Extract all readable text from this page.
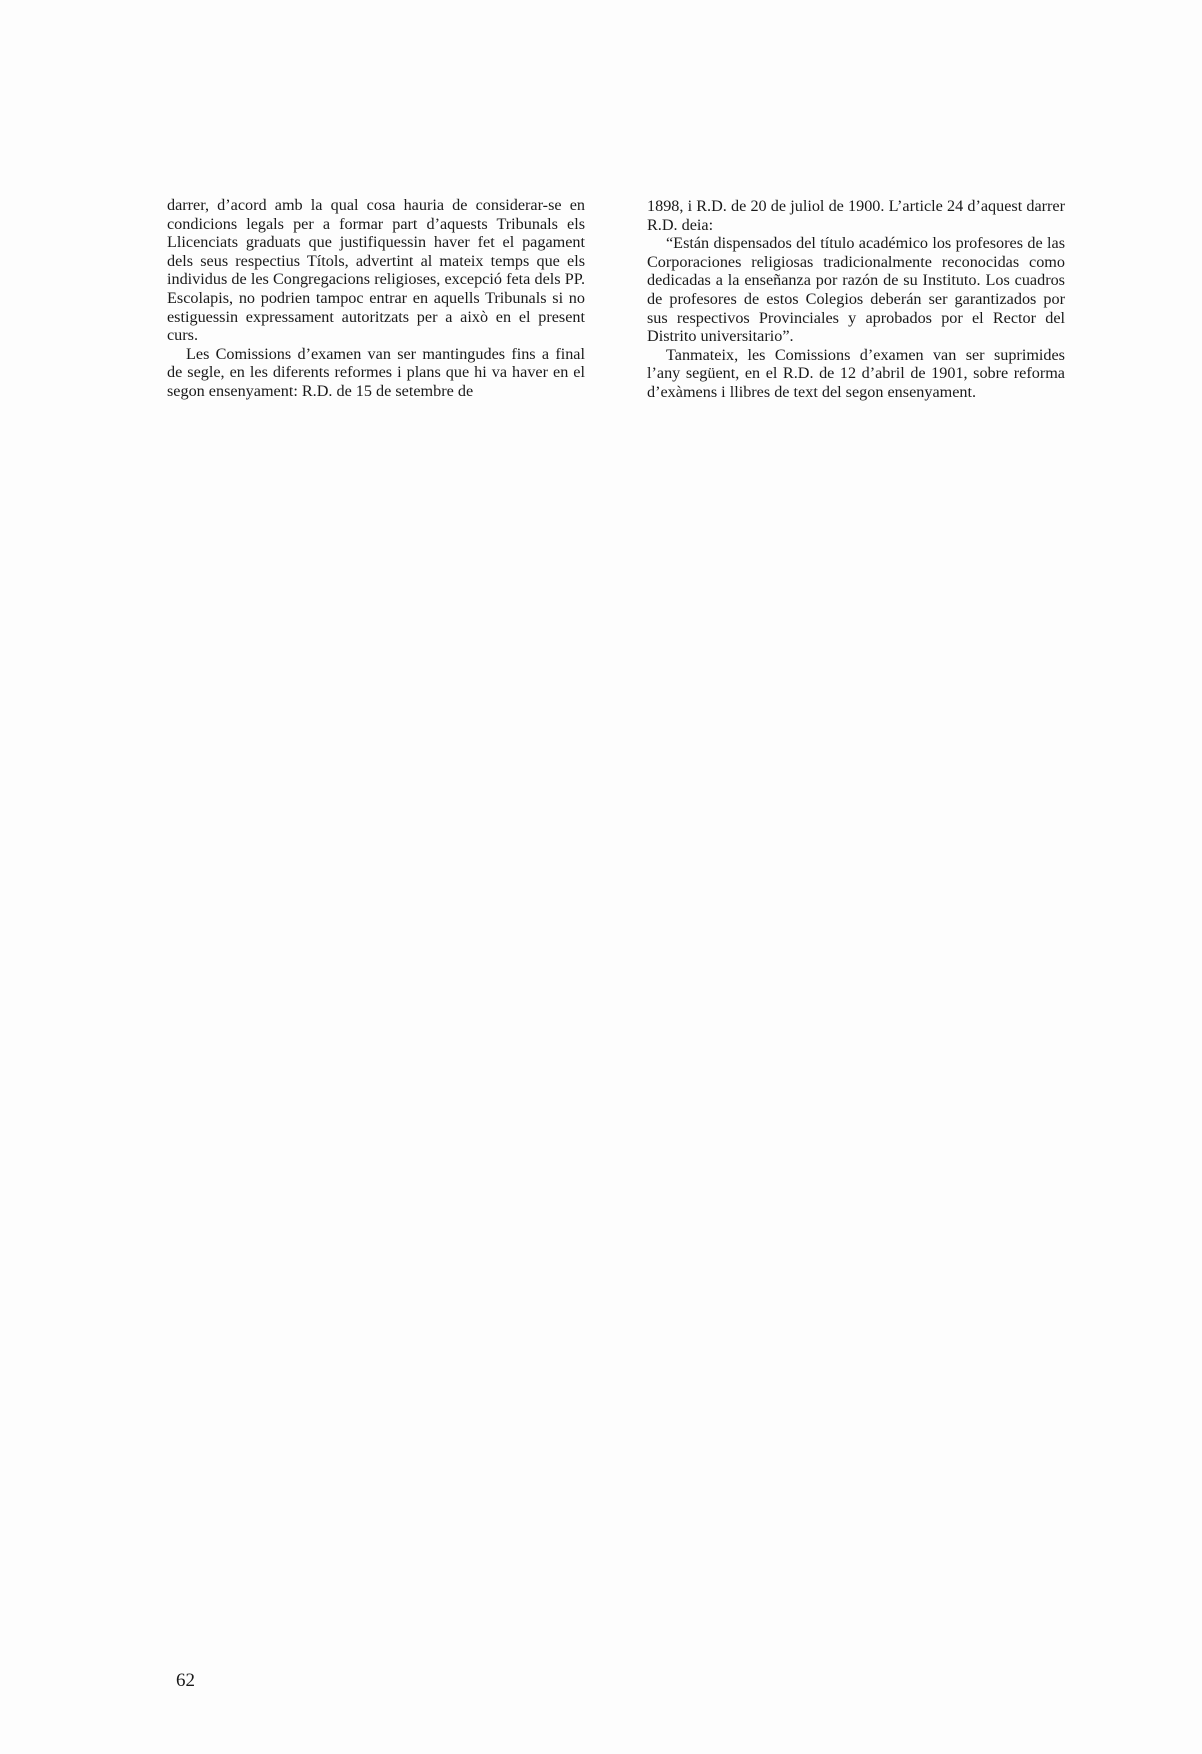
darrer, d’acord amb la qual cosa hauria de considerar-se en condicions legals per a formar part d’aquests Tribunals els Llicenciats graduats que justifiquessin haver fet el pagament dels seus respectius Títols, advertint al mateix temps que els individus de les Congregacions religioses, excepció feta dels PP. Escolapis, no podrien tampoc entrar en aquells Tribunals si no estiguessin expressament autoritzats per a això en el present curs.

Les Comissions d’examen van ser mantingudes fins a final de segle, en les diferents reformes i plans que hi va haver en el segon ensenyament: R.D. de 15 de setembre de

1898, i R.D. de 20 de juliol de 1900. L’article 24 d’aquest darrer R.D. deia:

“Están dispensados del título académico los profesores de las Corporaciones religiosas tradicionalmente reconocidas como dedicadas a la enseñanza por razón de su Instituto. Los cuadros de profesores de estos Colegios deberán ser garantizados por sus respectivos Provinciales y aprobados por el Rector del Distrito universitario”.

Tanmateix, les Comissions d’examen van ser suprimides l’any següent, en el R.D. de 12 d’abril de 1901, sobre reforma d’exàmens i llibres de text del segon ensenyament.

62
